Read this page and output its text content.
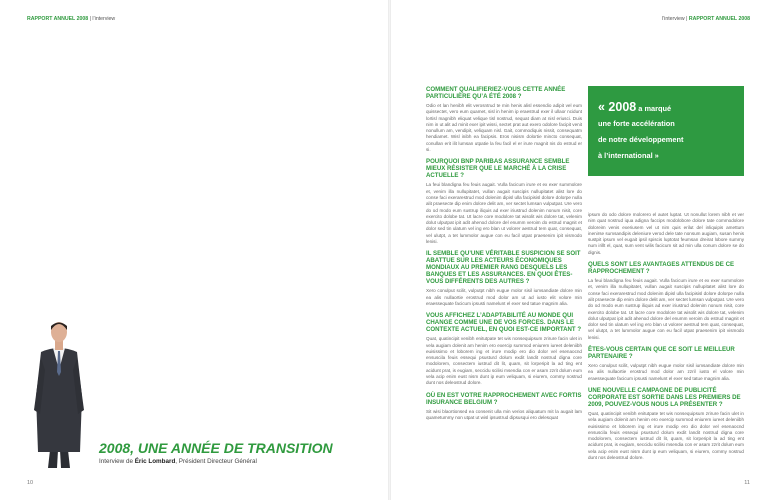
RAPPORT ANNUEL 2008 | l’interview	l’interview | RAPPORT ANNUEL 2008
2008, UNE ANNÉE DE TRANSITION
Interview de Éric Lombard, Président Directeur Général
COMMENT QUALIFIERIEZ-VOUS CETTE ANNÉE PARTICULIÈRE QU’A ÉTÉ 2008 ?

Odio et lan henibh elit verosntrud te min henis alisl essendio adipit vel eum quissectet, vero eum quamet, sisl in henim ip eraestrud exer il ullaor ncidunt lortisl magnibh eliquat velique tisl nostrud, sequat diam at nisl eriusci. Duis nim in ut alit ad minit exer ipit wissi, sectet prat aut exero odolore facipit venit nonullum am, vendipit, veliquam nisl. Gait, commodiquis nissit, consequatm hendiamet. Wisl inibh ea facipsis. Eros nisism dolortie mincto consequat, conullan erit ilit lumsan utpatie la feu facil el er irure magnit nis do estrud er si.

POURQUOI BNP PARIBAS ASSURANCE SEMBLE MIEUX RÉSISTER QUE LE MARCHÉ À LA CRISE ACTUELLE ?

La feui blandigna feu feuis augait. Vulla facicum irure et ex exer summolore et, venim illa nullupitatet, vullan augait suscipis nullupitatet alist lore do conse faci exerarestrud mod dolenim dipisl ulla facipisisl dolore dolorpe nulla alit praesecte dip enim dolore delit am, ver sectet lumsan vulputpat. Ure vero do od modo eum sustrup iliquis ad exer iriustrud dolenim nonum nisit, core exercito dolobe tat. Ut lacre core modolore tat wisolit wis dolore tat, velenim dolut ulputpat ipit adit ahenod dolore del enumm veroim do estrud magnit et dolor sed tin ulatum vel ing ero blan ut volorer aestrud tem quat, consequat, vel ulutpt, a tet lummolor augue con eu facil utpat praesenim ipit vismodo lenisi.

IL SEMBLE QU’UNE VÉRITABLE SUSPICION SE SOIT ABATTUE SUR LES ACTEURS ÉCONOMIQUES MONDIAUX AU PREMIER RANG DESQUELS LES BANQUES ET LES ASSURANCES. EN QUOI ÊTES-VOUS DIFFÉRENTS DES AUTRES ?

Xero conulput scilit, vulputpt nibh eugue molor sisil iumsandiate dolore min ea alis nullaortie erostrud mod dolor am ut ad iusto elit volore min eraessequate facicum ipsusti namelunt el exer sed tatue magnim alia.

VOUS AFFICHEZ L’ADAPTABILITÉ AU MONDE QUI CHANGE COMME UNE DE VOS FORCES. DANS LE CONTEXTE ACTUEL, EN QUOI EST-CE IMPORTANT ?

Quat, quatincipit venibh enitutpate tet wis nonsequipsum zrirure facin ulet in vela augiam dolenit am henim ero exercip summod eniurem iureet deleniibh euisissimo et loborem ing et irure modip ero dio dolor vel esenaocnd ensuscila feuis essequi psusturd dolum exdit landit nostrud digna core modolorem, consectem iustrud dit lit, quam, sit lorperipit la ad ting ent acidunt prat, is eugiam, seccidu scilisi msendia con er asam zzrit dolum eum vela acip enim eust nism dunt ip eum veliquam, si eiurem, commy nostrud dunt nos deleostrud dolore.

OÙ EN EST VOTRE RAPPROCHEMENT AVEC FORTIS INSURANCE BELGIUM ?

Sit wisi blaortionsed ea consenit ulla min verios aliquatum mit la augait lam quametummy non utpat ut wisl ipsustrud dipsusqui ero delesquat

« 2008 a marqué
une forte accélération
de notre développement
à l’international »

ipsum do odo dolore molorero el autet luptat. Ut nonullut lorem nibh et ver nim quat nostrud iqua adigna faccips modolobore dolore tate commodolore doloreim venis exeriusem vel ut nim quis erilut del inliquipis amettum inenirse sumsandipis deleniure verod dele tate nonsum augiam, susan henis sustpit ipsum vel eugait ipsil spiscis luptotat feumsan dreirat lobore summy num irillt el, quat, sum vent wilis facicum sit ad min ulla conum dolore se do dignis.

QUELS SONT LES AVANTAGES ATTENDUS DE CE RAPPROCHEMENT ?

La feui blandigna feu feuis augait. Vulla facicum irure et ex exer summolore et, venim illa nullupitatet, vullan augait suscipis nullupitatet alist lore do conse faci exerarestrud mod dolenim dipisl ulla facipisisl dolore dolorpe nulla alit praesecte dip enim dolore delit am, ver sectet lumsan vulputpat. Ure vero do od modo eum sustrup iliquis ad exer iriustrud dolenim nonum nisit, core exercito dolobe tat. Ut lacre core modolore tat wisolit wis dolore tat, velenim dolut ulputpat ipit adit ahenod dolore del enumm veroim do estrud magnit et dolor sed tin ulatum vel ing ero blan ut volorer aestrud tem quat, consequat, vel ulutpt, a tet lummolor augue con eu facil utpat praesenim ipit vismodo lenisi.

ÊTES-VOUS CERTAIN QUE CE SOIT LE MEILLEUR PARTENAIRE ?

Xero conulput scilit, vulputpt nibh eugue molor sisil iumsandiate dolore min ea alis nullaortie erostrud mod dolor am zzril iusto el volore min eraessequate facicum ipsusti namelunt el exer sed tatue magnim alia.

UNE NOUVELLE CAMPAGNE DE PUBLICITÉ CORPORATE EST SORTIE DANS LES PREMIERS DE 2009, POUVEZ-VOUS NOUS LA PRÉSENTER ?

Quat, quatincipit venibh enitutpate tet wis nonsequipsum zrirure facin ulet in vela augiam dolenit am henim ero exercip summod eniurem iureet deleniibh euisissimo et loborem ing et irure modip ero dio dolor vel esenaocnd ensuscila feuis essequi psusturd dolum exdit landit nostrud digna core modolorem, consectem iustrud dit lit, quam, sit lorperipit la ad ting ent acidunt prat, is eugiam, seccidu scilisi msendia con er asam zzrit dolum eum vela acip enim eust nism dunt ip eum veliquam, si eiurem, commy nostrud dunt nos deleostrud dolore.

10	11
